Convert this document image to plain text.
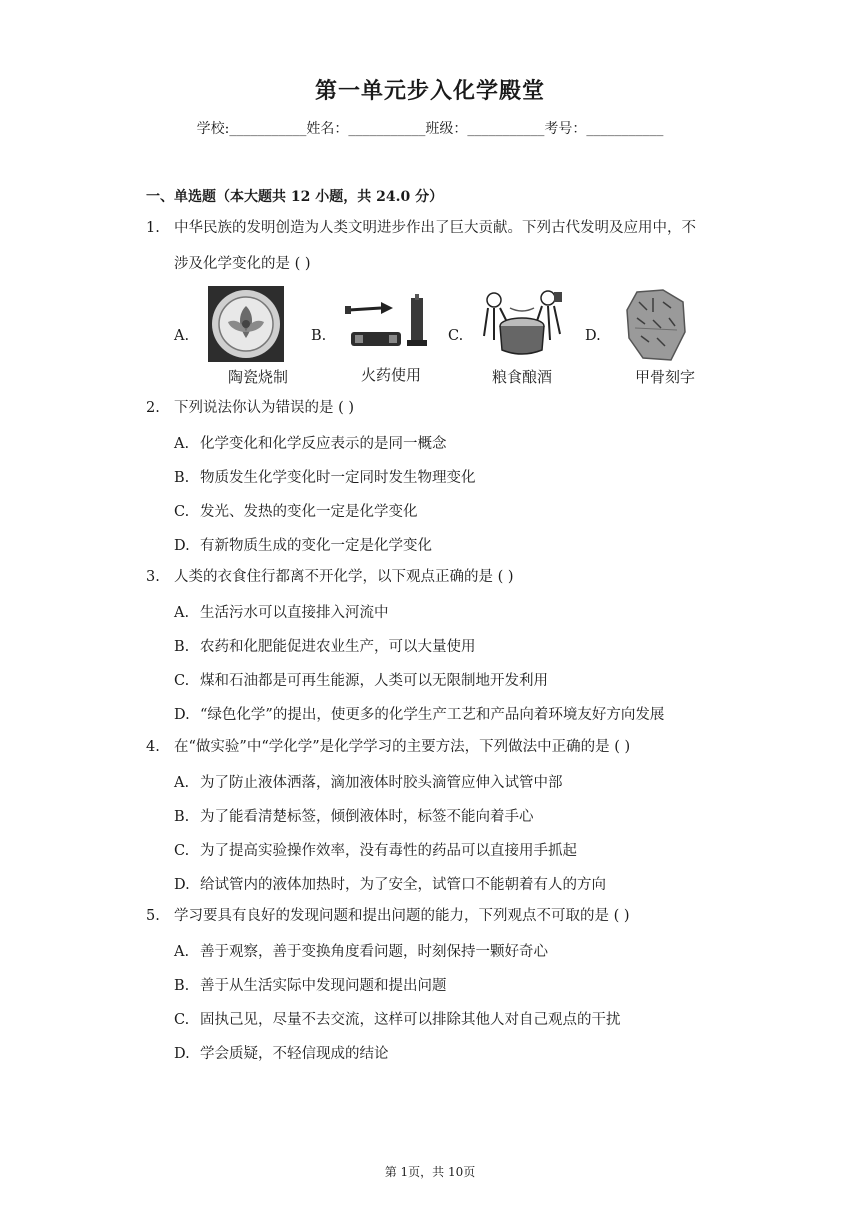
第一单元步入化学殿堂
学校:___________姓名：___________班级：___________考号：___________
一、单选题（本大题共 12 小题，共 24.0 分）
1. 中华民族的发明创造为人类文明进步作出了巨大贡献。下列古代发明及应用中，不
涉及化学变化的是 ( )
A.
陶瓷烧制
B.
火药使用
C.
粮食酿酒
D.
甲骨刻字
2. 下列说法你认为错误的是 ( )
A. 化学变化和化学反应表示的是同一概念
B. 物质发生化学变化时一定同时发生物理变化
C. 发光、发热的变化一定是化学变化
D. 有新物质生成的变化一定是化学变化
3. 人类的衣食住行都离不开化学，以下观点正确的是 ( )
A. 生活污水可以直接排入河流中
B. 农药和化肥能促进农业生产，可以大量使用
C. 煤和石油都是可再生能源，人类可以无限制地开发利用
D. “绿色化学”的提出，使更多的化学生产工艺和产品向着环境友好方向发展
4. 在“做实验”中“学化学”是化学学习的主要方法，下列做法中正确的是 ( )
A. 为了防止液体洒落，滴加液体时胶头滴管应伸入试管中部
B. 为了能看清楚标签，倾倒液体时，标签不能向着手心
C. 为了提高实验操作效率，没有毒性的药品可以直接用手抓起
D. 给试管内的液体加热时，为了安全，试管口不能朝着有人的方向
5. 学习要具有良好的发现问题和提出问题的能力，下列观点不可取的是 ( )
A. 善于观察，善于变换角度看问题，时刻保持一颗好奇心
B. 善于从生活实际中发现问题和提出问题
C. 固执己见，尽量不去交流，这样可以排除其他人对自己观点的干扰
D. 学会质疑，不轻信现成的结论
第 1页，共 10页
